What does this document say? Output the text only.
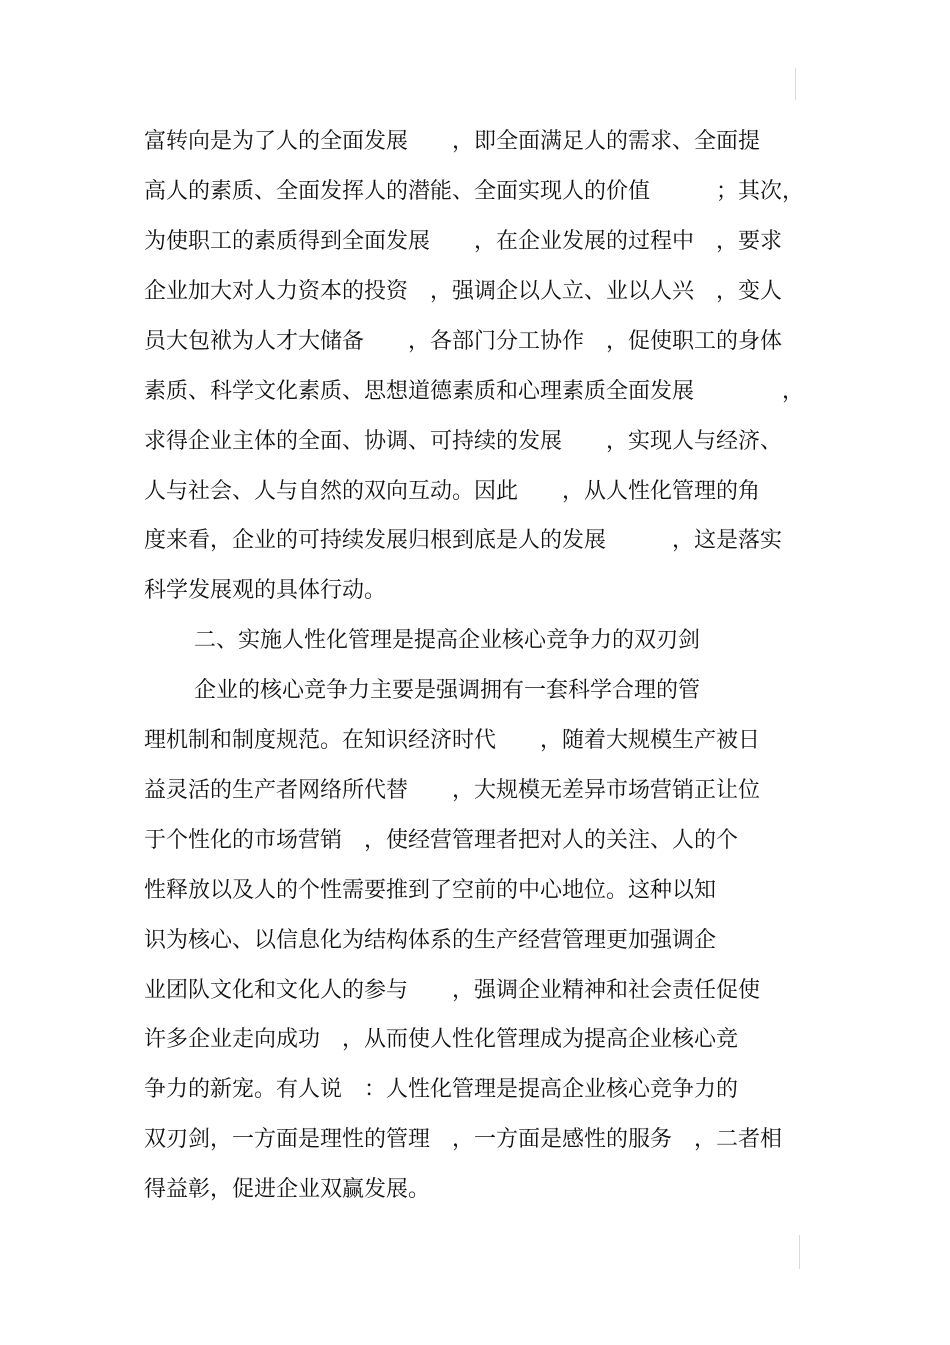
富转向是为了人的全面发展　　，即全面满足人的需求、全面提
高人的素质、全面发挥人的潜能、全面实现人的价值　　　；其次，
为使职工的素质得到全面发展　　，在企业发展的过程中　，要求
企业加大对人力资本的投资　，强调企以人立、业以人兴　，变人
员大包袱为人才大储备　　，各部门分工协作　，促使职工的身体
素质、科学文化素质、思想道德素质和心理素质全面发展　　　　，
求得企业主体的全面、协调、可持续的发展　　，实现人与经济、
人与社会、人与自然的双向互动。因此　　，从人性化管理的角
度来看，企业的可持续发展归根到底是人的发展　　　，这是落实
科学发展观的具体行动。
二、实施人性化管理是提高企业核心竞争力的双刃剑
企业的核心竞争力主要是强调拥有一套科学合理的管
理机制和制度规范。在知识经济时代　　，随着大规模生产被日
益灵活的生产者网络所代替　　，大规模无差异市场营销正让位
于个性化的市场营销　，使经营管理者把对人的关注、人的个
性释放以及人的个性需要推到了空前的中心地位。这种以知
识为核心、以信息化为结构体系的生产经营管理更加强调企
业团队文化和文化人的参与　　，强调企业精神和社会责任促使
许多企业走向成功　，从而使人性化管理成为提高企业核心竞
争力的新宠。有人说　：人性化管理是提高企业核心竞争力的
双刃剑，一方面是理性的管理　，一方面是感性的服务　，二者相
得益彰，促进企业双赢发展。
